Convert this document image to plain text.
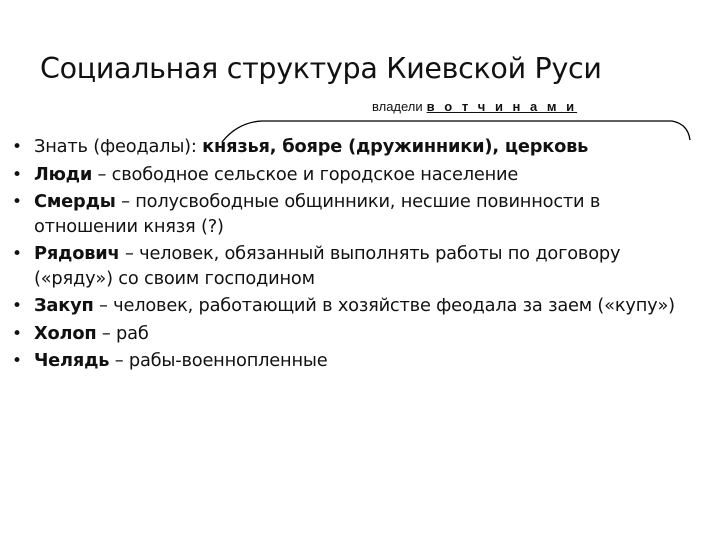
Социальная структура Киевской Руси
владели в о т ч и н а м и
• Знать (феодалы): князья, бояре (дружинники), церковь
• Люди – свободное сельское и городское население
• Смерды – полусвободные общинники, несшие повинности в отношении князя (?)
• Рядович – человек, обязанный выполнять работы по договору («ряду») со своим господином
• Закуп – человек, работающий в хозяйстве феодала за заем («купу»)
• Холоп – раб
• Челядь – рабы-военнопленные
